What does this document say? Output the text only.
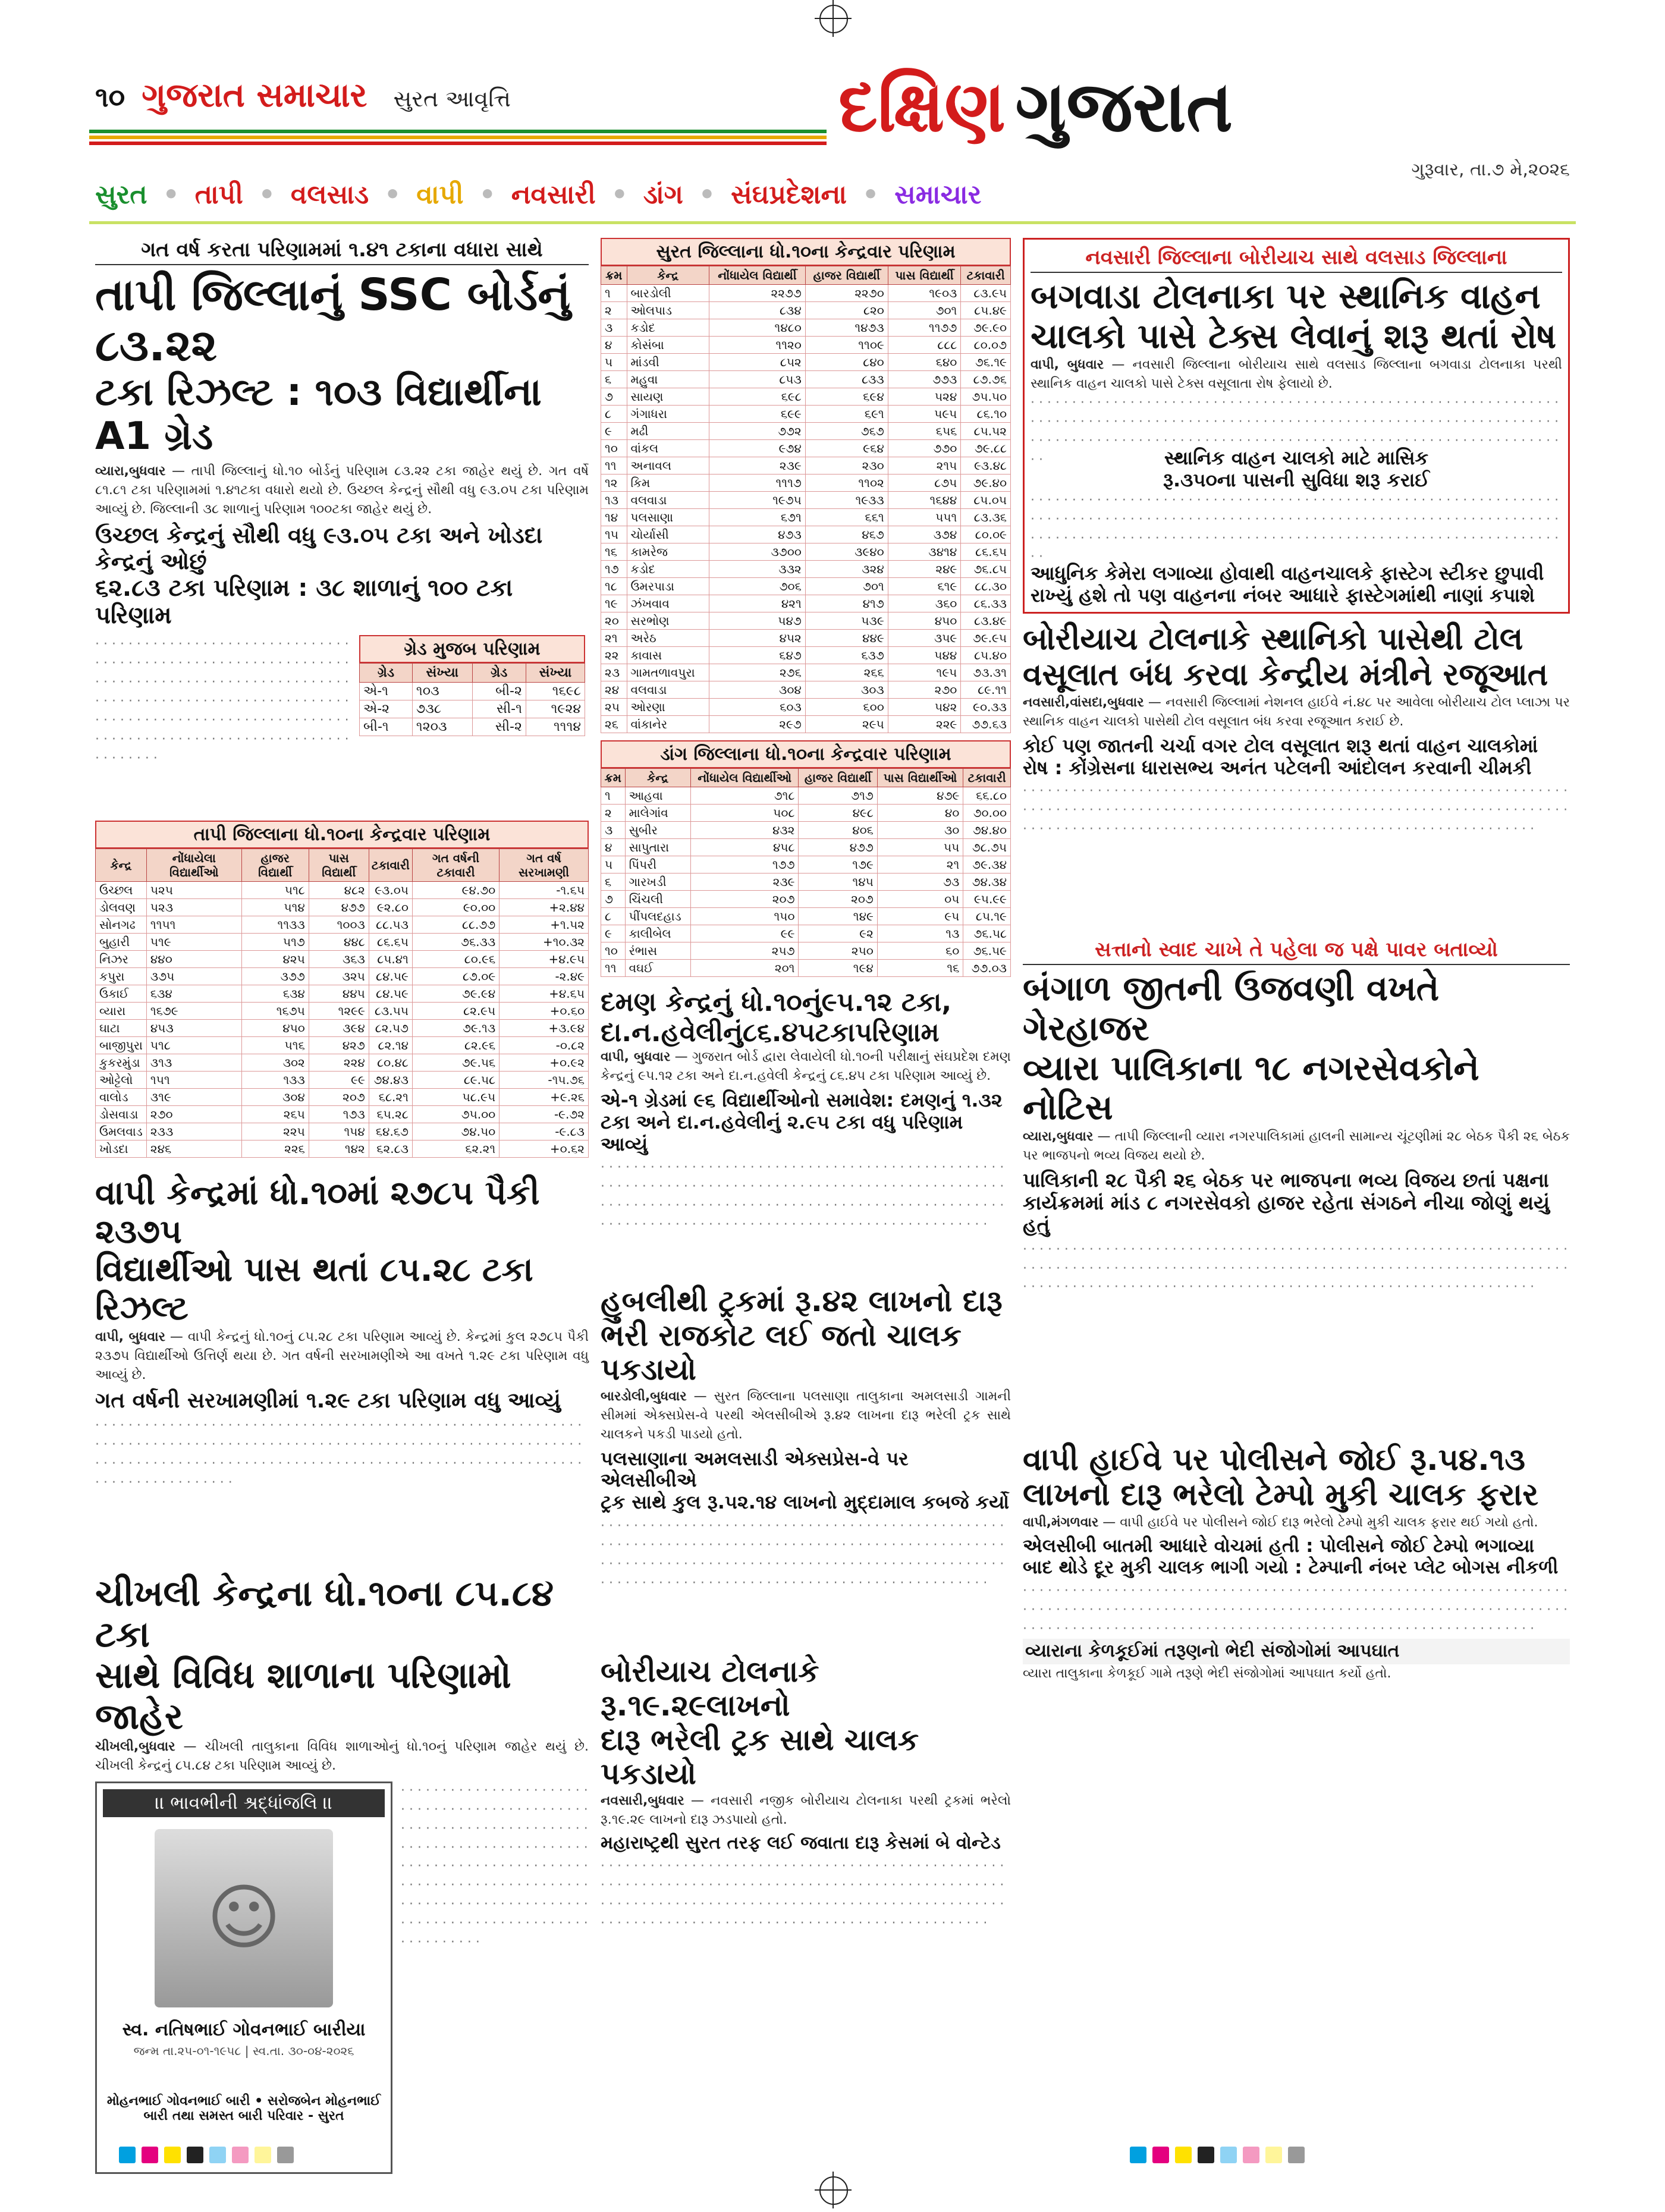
૧૦ ગુજરાત સમાચાર સુરત આવૃત્તિ	દક્ષિણ ગુજરાત
ગુરૂવાર, તા.૭ મે,૨૦૨૬
સુરત • તાપી • વલસાડ • વાપી • નવસારી • ડાંગ • સંઘપ્રદેશના • સમાચાર
ગત વર્ષ કરતા પરિણામમાં ૧.૪૧ ટકાના વધારા સાથે
તાપી જિલ્લાનું SSC બોર્ડનું ૮૩.૨૨
ટકા રિઝલ્ટ : ૧૦૩ વિદ્યાર્થીના A1 ગ્રેડ
વ્યારા,બુધવાર — તાપી જિલ્લાનું ધો.૧૦ બોર્ડનું પરિણામ ૮૩.૨૨ ટકા જાહેર થયું છે. ગત વર્ષે ૮૧.૮૧ ટકા પરિણામમાં ૧.૪૧ટકા વધારો થયો છે. ઉચ્છલ કેન્દ્રનું સૌથી વધુ ૯૩.૦૫ ટકા પરિણામ આવ્યું છે. જિલ્લાની ૩૮ શાળાનું પરિણામ ૧૦૦ટકા જાહેર થયું છે.
ઉચ્છલ કેન્દ્રનું સૌથી વધુ ૯૩.૦૫ ટકા અને ખોડદા કેન્દ્રનું ઓછું
૬૨.૮૩ ટકા પરિણામ : ૩૮ શાળાનું ૧૦૦ ટકા પરિણામ
· · · · · · · · · · · · · · · · · · · · · · · · · · · · · · · · · · · · · · · · · · · · · · · · · · · · · · · · · · · · · · · · · · · · · · · · · · · · · · · · · · · · · · · · · · · · · · · · · · · · · · · · · · · · · · · · · · · · · · · · · · · · · · · · · · · · · · · · · · · · · · · · · · · · · · · · · · · · · · · · · · · · · · · · · · · · · · · · · · · · · · · · · · · · · · · · · ·
ગ્રેડ મુજબ પરિણામ
ગ્રેડ	સંખ્યા	ગ્રેડ	સંખ્યા
એ-૧	૧૦૩	બી-૨	૧૬૯૮
એ-૨	૭૩૮	સી-૧	૧૯૨૪
બી-૧	૧૨૦૩	સી-૨	૧૧૧૪
તાપી જિલ્લાના ધો.૧૦ના કેન્દ્રવાર પરિણામ
કેન્દ્ર	નોંધાયેલા વિદ્યાર્થીઓ	હાજર વિદ્યાર્થી	પાસ વિદ્યાર્થી	ટકાવારી	ગત વર્ષની ટકાવારી	ગત વર્ષ સરખામણી
ઉચ્છલ	૫૨૫	૫૧૮	૪૮૨	૯૩.૦૫	૯૪.૭૦	-૧.૬૫
ડોલવણ	૫૨૩	૫૧૪	૪૭૭	૯૨.૮૦	૯૦.૦૦	+૨.૪૪
સોનગઢ	૧૧૫૧	૧૧૩૩	૧૦૦૩	૮૮.૫૩	૮૮.૭૭	+૧.૫૨
બુહારી	૫૧૯	૫૧૭	૪૪૮	૮૬.૬૫	૭૬.૩૩	+૧૦.૩૨
નિઝર	૪૪૦	૪૨૫	૩૬૩	૮૫.૪૧	૮૦.૯૬	+૪.૯૫
કપુરા	૩૭૫	૩૭૭	૩૨૫	૮૪.૫૯	૮૭.૦૯	-૨.૪૯
ઉકાઈ	૬૩૪	૬૩૪	૪૪૫	૮૪.૫૯	૭૯.૯૪	+૪.૬૫
વ્યારા	૧૬૭૯	૧૬૭૫	૧૨૯૯	૮૩.૫૫	૮૨.૯૫	+૦.૬૦
ઘાટા	૪૫૩	૪૫૦	૩૯૪	૮૨.૫૭	૭૯.૧૩	+૩.૯૪
બાજીપુરા	૫૧૮	૫૧૬	૪૨૭	૮૨.૧૪	૮૨.૯૬	-૦.૮૨
કુકરમુંડા	૩૧૩	૩૦૨	૨૨૪	૮૦.૪૮	૭૯.૫૬	+૦.૯૨
ઓટ્ટેલો	૧૫૧	૧૩૩	૯૯	૭૪.૪૩	૮૯.૫૮	-૧૫.૭૬
વાલોડ	૩૧૯	૩૦૪	૨૦૭	૬૮.૨૧	૫૮.૯૫	+૯.૨૬
ડોસવાડા	૨૭૦	૨૬૫	૧૭૩	૬૫.૨૮	૭૫.૦૦	-૯.૭૨
ઉમલવાડ	૨૩૩	૨૨૫	૧૫૪	૬૪.૬૭	૭૪.૫૦	-૯.૮૩
ખોડદા	૨૪૬	૨૨૬	૧૪૨	૬૨.૮૩	૬૨.૨૧	+૦.૬૨
વાપી કેન્દ્રમાં ધો.૧૦માં ૨૭૮૫ પૈકી ૨૩૭૫
વિદ્યાર્થીઓ પાસ થતાં ૮૫.૨૮ ટકા રિઝલ્ટ
વાપી, બુધવાર — વાપી કેન્દ્રનું ધો.૧૦નું ૮૫.૨૮ ટકા પરિણામ આવ્યું છે. કેન્દ્રમાં કુલ ૨૭૮૫ પૈકી ૨૩૭૫ વિદ્યાર્થીઓ ઉત્તિર્ણ થયા છે. ગત વર્ષની સરખામણીએ આ વખતે ૧.૨૯ ટકા પરિણામ વધુ આવ્યું છે.
ગત વર્ષની સરખામણીમાં ૧.૨૯ ટકા પરિણામ વધુ આવ્યું
· · · · · · · · · · · · · · · · · · · · · · · · · · · · · · · · · · · · · · · · · · · · · · · · · · · · · · · · · · · · · · · · · · · · · · · · · · · · · · · · · · · · · · · · · · · · · · · · · · · · · · · · · · · · · · · · · · · · · · · · · · · · · · · · · · · · · · · · · · · · · · · · · · · · · · · · · · · · · · · · · · · · · · · · · · · · · · · · · · · · · · · · · · · · · · · · · ·
ચીખલી કેન્દ્રના ધો.૧૦ના ૮૫.૮૪ ટકા
સાથે વિવિધ શાળાના પરિણામો જાહેર
ચીખલી,બુધવાર — ચીખલી તાલુકાના વિવિધ શાળાઓનું ધો.૧૦નું પરિણામ જાહેર થયું છે. ચીખલી કેન્દ્રનું ૮૫.૮૪ ટકા પરિણામ આવ્યું છે.
।। ભાવભીની શ્રદ્ધાંજલિ ।।
☺
સ્વ. નતિષભાઈ ગોવનભાઈ બારીયા
જન્મ તા.૨૫-૦૧-૧૯૫૮ | સ્વ.તા. ૩૦-૦૪-૨૦૨૬
મોહનભાઈ ગોવનભાઈ બારી • સરોજબેન મોહનભાઈ બારી તથા સમસ્ત બારી પરિવાર - સુરત
· · · · · · · · · · · · · · · · · · · · · · · · · · · · · · · · · · · · · · · · · · · · · · · · · · · · · · · · · · · · · · · · · · · · · · · · · · · · · · · · · · · · · · · · · · · · · · · · · · · · · · · · · · · · · · · · · · · · · · · · · · · · · · · · · · · · · · · · · · · · · · · · · · · · · · · · · · · · · · · · · · · · · · · · · · · · · · · · · · · · · · · · · · · · · · · · · ·
સુરત જિલ્લાના ધો.૧૦ના કેન્દ્રવાર પરિણામ
ક્રમ	કેન્દ્ર	નોંધાયેલ વિદ્યાર્થી	હાજર વિદ્યાર્થી	પાસ વિદ્યાર્થી	ટકાવારી
૧	બારડોલી	૨૨૭૭	૨૨૭૦	૧૯૦૩	૮૩.૯૫
૨	ઓલપાડ	૮૩૪	૮૨૦	૭૦૧	૮૫.૪૯
૩	કડોદ	૧૪૮૦	૧૪૭૩	૧૧૭૭	૭૯.૯૦
૪	કોસંબા	૧૧૨૦	૧૧૦૯	૮૮૮	૮૦.૦૭
૫	માંડવી	૮૫૨	૮૪૦	૬૪૦	૭૬.૧૯
૬	મહુવા	૮૫૩	૮૩૩	૭૭૩	૮૭.૭૬
૭	સાયણ	૬૯૮	૬૯૪	૫૨૪	૭૫.૫૦
૮	ગંગાધરા	૬૯૯	૬૯૧	૫૯૫	૮૬.૧૦
૯	મઢી	૭૭૨	૭૬૭	૬૫૬	૮૫.૫૨
૧૦	વાંકલ	૯૭૪	૯૬૪	૭૭૦	૭૯.૮૮
૧૧	અનાવલ	૨૩૯	૨૩૦	૨૧૫	૯૩.૪૮
૧૨	કિમ	૧૧૧૭	૧૧૦૨	૮૭૫	૭૯.૪૦
૧૩	વલવાડા	૧૯૭૫	૧૯૩૩	૧૬૪૪	૮૫.૦૫
૧૪	પલસાણા	૬૭૧	૬૬૧	૫૫૧	૮૩.૩૬
૧૫	ચોર્યાસી	૪૭૩	૪૬૭	૩૭૪	૮૦.૦૯
૧૬	કામરેજ	૩૭૦૦	૩૯૪૦	૩૪૧૪	૮૬.૬૫
૧૭	કડોદ	૩૩૨	૩૨૪	૨૪૯	૭૬.૮૫
૧૮	ઉમરપાડા	૭૦૬	૭૦૧	૬૧૯	૮૮.૩૦
૧૯	ઝંખવાવ	૪૨૧	૪૧૭	૩૬૦	૮૬.૩૩
૨૦	સરભોણ	૫૪૭	૫૩૯	૪૫૦	૮૩.૪૯
૨૧	અરેઠ	૪૫૨	૪૪૯	૩૫૯	૭૯.૯૫
૨૨	કાવાસ	૬૪૭	૬૩૭	૫૪૪	૮૫.૪૦
૨૩	ગામતળાવપુરા	૨૭૬	૨૬૬	૧૯૫	૭૩.૩૧
૨૪	વલવાડા	૩૦૪	૩૦૩	૨૭૦	૮૯.૧૧
૨૫	ઓરણા	૬૦૩	૬૦૦	૫૪૨	૯૦.૩૩
૨૬	વાંકાનેર	૨૯૭	૨૯૫	૨૨૯	૭૭.૬૩
ડાંગ જિલ્લાના ધો.૧૦ના કેન્દ્રવાર પરિણામ
ક્રમ	કેન્દ્ર	નોંધાયેલ વિદ્યાર્થીઓ	હાજર વિદ્યાર્થી	પાસ વિદ્યાર્થીઓ	ટકાવારી
૧	આહવા	૭૧૮	૭૧૭	૪૭૯	૬૬.૮૦
૨	માલેગાંવ	૫૦૮	૪૯૮	૪૦	૭૦.૦૦
૩	સુબીર	૪૩૨	૪૦૬	૩૦	૭૪.૪૦
૪	સાપુતારા	૪૫૮	૪૭૭	૫૫	૭૮.૭૫
૫	પિંપરી	૧૭૭	૧૭૯	૨૧	૭૯.૩૪
૬	ગારખડી	૨૩૯	૧૪૫	૭૩	૭૪.૩૪
૭	ચિંચલી	૨૦૭	૨૦૭	૦૫	૯૫.૯૯
૮	પીંપલદહાડ	૧૫૦	૧૪૯	૯૫	૮૫.૧૯
૯	કાલીબેલ	૯૯	૯૨	૧૩	૭૬.૫૮
૧૦	રંભાસ	૨૫૭	૨૫૦	૬૦	૭૬.૫૯
૧૧	વઘઈ	૨૦૧	૧૯૪	૧૬	૭૭.૦૩
દમણ કેન્દ્રનું ધો.૧૦નું૯૫.૧૨ ટકા,
દા.ન.હવેલીનું૮૬.૪૫ટકાપરિણામ
વાપી, બુધવાર — ગુજરાત બોર્ડ દ્વારા લેવાયેલી ધો.૧૦ની પરીક્ષાનું સંઘપ્રદેશ દમણ કેન્દ્રનું ૯૫.૧૨ ટકા અને દા.ન.હવેલી કેન્દ્રનું ૮૬.૪૫ ટકા પરિણામ આવ્યું છે.
એ-૧ ગ્રેડમાં ૯૬ વિદ્યાર્થીઓનો સમાવેશ: દમણનું ૧.૩૨
ટકા અને દા.ન.હવેલીનું ૨.૯૫ ટકા વધુ પરિણામ આવ્યું
· · · · · · · · · · · · · · · · · · · · · · · · · · · · · · · · · · · · · · · · · · · · · · · · · · · · · · · · · · · · · · · · · · · · · · · · · · · · · · · · · · · · · · · · · · · · · · · · · · · · · · · · · · · · · · · · · · · · · · · · · · · · · · · · · · · · · · · · · · · · · · · · · · · · · · · · · · · · · · · · · · · · · · · · · · · · · · · · · · · · · · · · · · · · · · · · · ·
હુબલીથી ટ્રકમાં રૂ.૪૨ લાખનો દારૂ
ભરી રાજકોટ લઈ જતો ચાલક પકડાયો
બારડોલી,બુધવાર — સુરત જિલ્લાના પલસાણા તાલુકાના અમલસાડી ગામની સીમમાં એક્સપ્રેસ-વે પરથી એલસીબીએ રૂ.૪૨ લાખના દારૂ ભરેલી ટ્રક સાથે ચાલકને પકડી પાડયો હતો.
પલસાણાના અમલસાડી એક્સપ્રેસ-વે પર એલસીબીએ
ટ્રક સાથે કુલ રૂ.૫૨.૧૪ લાખનો મુદ્દામાલ કબજે કર્યો
· · · · · · · · · · · · · · · · · · · · · · · · · · · · · · · · · · · · · · · · · · · · · · · · · · · · · · · · · · · · · · · · · · · · · · · · · · · · · · · · · · · · · · · · · · · · · · · · · · · · · · · · · · · · · · · · · · · · · · · · · · · · · · · · · · · · · · · · · · · · · · · · · · · · · · · · · · · · · · · · · · · · · · · · · · · · · · · · · · · · · · · · · · · · · · · · · ·
બોરીયાચ ટોલનાકે રૂ.૧૯.૨૯લાખનો
દારૂ ભરેલી ટ્રક સાથે ચાલક પકડાયો
નવસારી,બુધવાર — નવસારી નજીક બોરીયાચ ટોલનાકા પરથી ટ્રકમાં ભરેલો રૂ.૧૯.૨૯ લાખનો દારૂ ઝડપાયો હતો.
મહારાષ્ટ્રથી સુરત તરફ લઈ જવાતા દારૂ કેસમાં બે વોન્ટેડ
· · · · · · · · · · · · · · · · · · · · · · · · · · · · · · · · · · · · · · · · · · · · · · · · · · · · · · · · · · · · · · · · · · · · · · · · · · · · · · · · · · · · · · · · · · · · · · · · · · · · · · · · · · · · · · · · · · · · · · · · · · · · · · · · · · · · · · · · · · · · · · · · · · · · · · · · · · · · · · · · · · · · · · · · · · · · · · · · · · · · · · · · · · · · · · · · · ·
નવસારી જિલ્લાના બોરીયાચ સાથે વલસાડ જિલ્લાના
બગવાડા ટોલનાકા પર સ્થાનિક વાહન
ચાલકો પાસે ટેક્સ લેવાનું શરૂ થતાં રોષ
વાપી, બુધવાર — નવસારી જિલ્લાના બોરીયાચ સાથે વલસાડ જિલ્લાના બગવાડા ટોલનાકા પરથી સ્થાનિક વાહન ચાલકો પાસે ટેક્સ વસૂલાતા રોષ ફેલાયો છે.
· · · · · · · · · · · · · · · · · · · · · · · · · · · · · · · · · · · · · · · · · · · · · · · · · · · · · · · · · · · · · · · · · · · · · · · · · · · · · · · · · · · · · · · · · · · · · · · · · · · · · · · · · · · · · · · · · · · · · · · · · · · · · · · · · · · · · · · · · · · · · · · · · · · · · · · · · · · · · · · · · · · · · · · · · · · · · · · · · · · · · · · · · · · · · · · · · ·	સ્થાનિક વાહન ચાલકો માટે માસિક
રૂ.૩૫૦ના પાસની સુવિધા શરૂ કરાઈ
· · · · · · · · · · · · · · · · · · · · · · · · · · · · · · · · · · · · · · · · · · · · · · · · · · · · · · · · · · · · · · · · · · · · · · · · · · · · · · · · · · · · · · · · · · · · · · · · · · · · · · · · · · · · · · · · · · · · · · · · · · · · · · · · · · · · · · · · · · · · · · · · · · · · · · · · · · · · · · · · · · · · · · · · · · · · · · · · · · · · · · · · · · · · · · · · · ·
આધુનિક કેમેરા લગાવ્યા હોવાથી વાહનચાલકે ફાસ્ટેગ સ્ટીકર છુપાવી
રાખ્યું હશે તો પણ વાહનના નંબર આધારે ફાસ્ટેગમાંથી નાણાં કપાશે
બોરીયાચ ટોલનાકે સ્થાનિકો પાસેથી ટોલ
વસૂલાત બંધ કરવા કેન્દ્રીય મંત્રીને રજૂઆત
નવસારી,વાંસદા,બુધવાર — નવસારી જિલ્લામાં નેશનલ હાઈવે નં.૪૮ પર આવેલા બોરીયાચ ટોલ પ્લાઝા પર સ્થાનિક વાહન ચાલકો પાસેથી ટોલ વસૂલાત બંધ કરવા રજૂઆત કરાઈ છે.
કોઈ પણ જાતની ચર્ચા વગર ટોલ વસૂલાત શરૂ થતાં વાહન ચાલકોમાં
રોષ : કોંગ્રેસના ધારાસભ્ય અનંત પટેલની આંદોલન કરવાની ચીમકી
· · · · · · · · · · · · · · · · · · · · · · · · · · · · · · · · · · · · · · · · · · · · · · · · · · · · · · · · · · · · · · · · · · · · · · · · · · · · · · · · · · · · · · · · · · · · · · · · · · · · · · · · · · · · · · · · · · · · · · · · · · · · · · · · · · · · · · · · · · · · · · · · · · · · · · · · · · · · · · · · · · · · · · · · · · · · · · · · · · · · · · · · · · · · · · · · · ·
સત્તાનો સ્વાદ ચાખે તે પહેલા જ પક્ષે પાવર બતાવ્યો
બંગાળ જીતની ઉજવણી વખતે ગેરહાજર
વ્યારા પાલિકાના ૧૮ નગરસેવકોને નોટિસ
વ્યારા,બુધવાર — તાપી જિલ્લાની વ્યારા નગરપાલિકામાં હાલની સામાન્ય ચૂંટણીમાં ૨૮ બેઠક પૈકી ૨૬ બેઠક પર ભાજપનો ભવ્ય વિજય થયો છે.
પાલિકાની ૨૮ પૈકી ૨૬ બેઠક પર ભાજપના ભવ્ય વિજય છતાં પક્ષના
કાર્યક્રમમાં માંડ ૮ નગરસેવકો હાજર રહેતા સંગઠને નીચા જોણું થયું હતું
· · · · · · · · · · · · · · · · · · · · · · · · · · · · · · · · · · · · · · · · · · · · · · · · · · · · · · · · · · · · · · · · · · · · · · · · · · · · · · · · · · · · · · · · · · · · · · · · · · · · · · · · · · · · · · · · · · · · · · · · · · · · · · · · · · · · · · · · · · · · · · · · · · · · · · · · · · · · · · · · · · · · · · · · · · · · · · · · · · · · · · · · · · · · · · · · · ·
વાપી હાઈવે પર પોલીસને જોઈ રૂ.૫૪.૧૩
લાખનો દારૂ ભરેલો ટેમ્પો મુકી ચાલક ફરાર
વાપી,મંગળવાર — વાપી હાઈવે પર પોલીસને જોઈ દારૂ ભરેલો ટેમ્પો મુકી ચાલક ફરાર થઈ ગયો હતો.
એલસીબી બાતમી આધારે વોચમાં હતી : પોલીસને જોઈ ટેમ્પો ભગાવ્યા
બાદ થોડે દૂર મુકી ચાલક ભાગી ગયો : ટેમ્પાની નંબર પ્લેટ બોગસ નીકળી
· · · · · · · · · · · · · · · · · · · · · · · · · · · · · · · · · · · · · · · · · · · · · · · · · · · · · · · · · · · · · · · · · · · · · · · · · · · · · · · · · · · · · · · · · · · · · · · · · · · · · · · · · · · · · · · · · · · · · · · · · · · · · · · · · · · · · · · · · · · · · · · · · · · · · · · · · · · · · · · · · · · · · · · · · · · · · · · · · · · · · · · · · · · · · · · · · ·
વ્યારાના કેળકૂઈમાં તરૂણનો ભેદી સંજોગોમાં આપઘાત
વ્યારા તાલુકાના કેળકૂઈ ગામે તરૂણે ભેદી સંજોગોમાં આપઘાત કર્યો હતો.
